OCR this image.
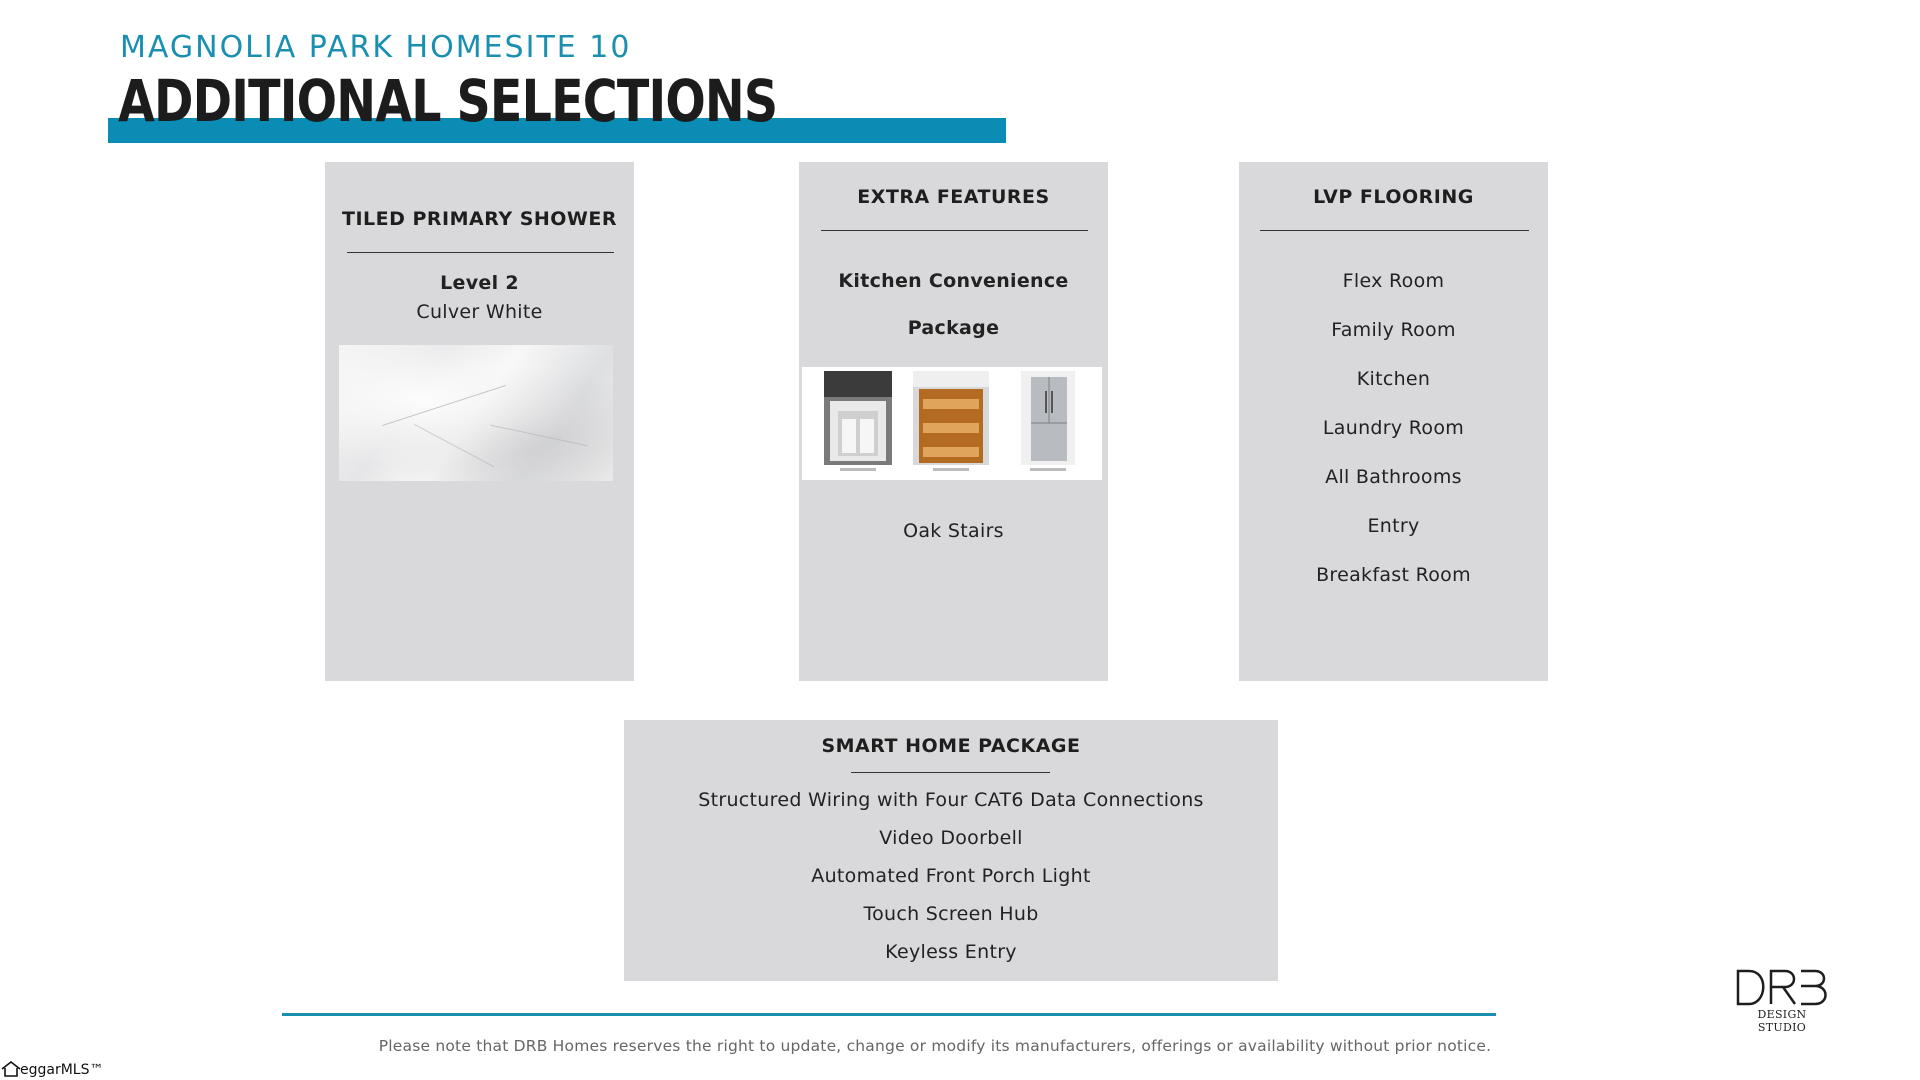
MAGNOLIA PARK HOMESITE 10
ADDITIONAL SELECTIONS
TILED PRIMARY SHOWER
Level 2
Culver White
EXTRA FEATURES
Kitchen Convenience
Package
Oak Stairs
LVP FLOORING
Flex Room
Family Room
Kitchen
Laundry Room
All Bathrooms
Entry
Breakfast Room
SMART HOME PACKAGE
Structured Wiring with Four CAT6 Data Connections
Video Doorbell
Automated Front Porch Light
Touch Screen Hub
Keyless Entry
Please note that DRB Homes reserves the right to update, change or modify its manufacturers, offerings or availability without prior notice.
DESIGN STUDIO
eggarMLS™
